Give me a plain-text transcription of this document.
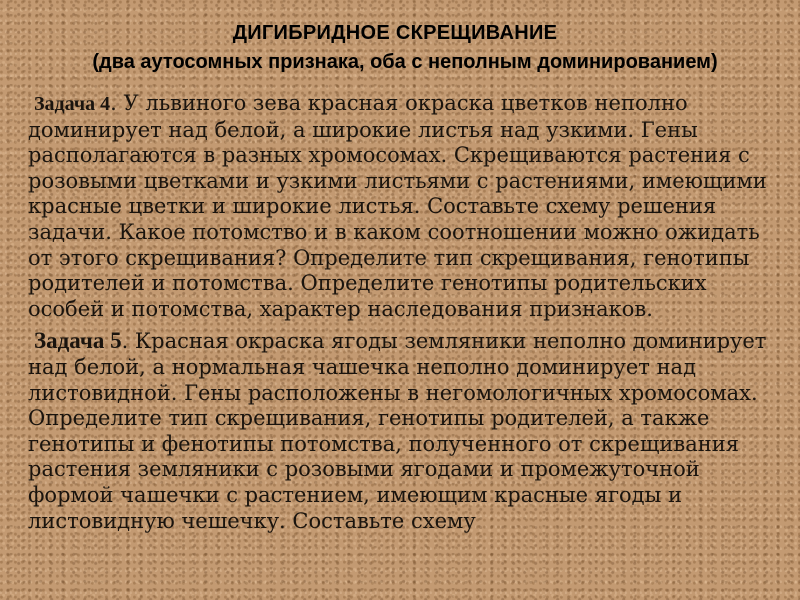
ДИГИБРИДНОЕ СКРЕЩИВАНИЕ
(два аутосомных признака, оба с неполным доминированием)

Задача 4. У львиного зева красная окраска цветков неполно доминирует над белой, а широкие листья над узкими. Гены располагаются в разных хромосомах. Скрещиваются растения с розовыми цветками и узкими листьями с растениями, имеющими красные цветки и широкие листья. Составьте схему решения задачи. Какое потомство и в каком соотношении можно ожидать от этого скрещивания? Определите тип скрещивания, генотипы родителей и потомства. Определите генотипы родительских особей и потомства, характер наследования признаков.

Задача 5. Красная окраска ягоды земляники неполно доминирует над белой, а нормальная чашечка неполно доминирует над листовидной. Гены расположены в негомологичных хромосомах. Определите тип скрещивания, генотипы родителей, а также генотипы и фенотипы потомства, полученного от скрещивания растения земляники с розовыми ягодами и промежуточной формой чашечки с растением, имеющим красные ягоды и листовидную чешечку. Составьте схему
